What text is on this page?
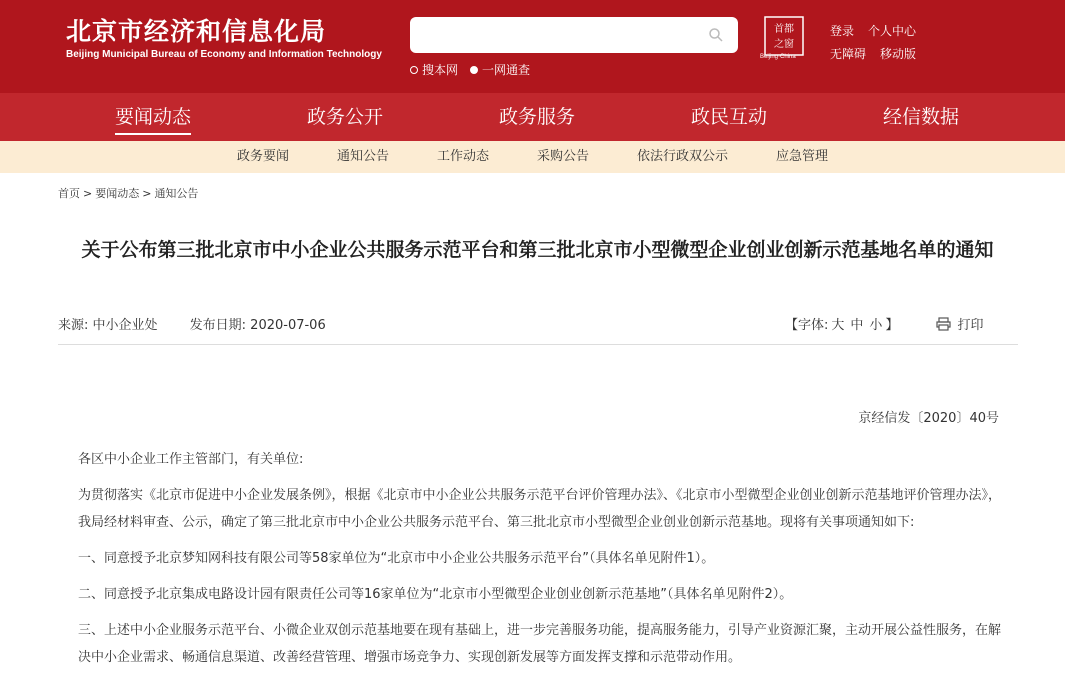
北京市经济和信息化局
Beijing Municipal Bureau of Economy and Information Technology
搜本网 一网通查
首都
之窗
Beijing·China
登录 个人中心
无障碍 移动版
要闻动态	政务公开	政务服务	政民互动	经信数据
政务要闻	通知公告	工作动态	采购公告	依法行政双公示	应急管理
首页 > 要闻动态 > 通知公告
关于公布第三批北京市中小企业公共服务示范平台和第三批北京市小型微型企业创业创新示范基地名单的通知
来源: 中小企业处 发布日期: 2020-07-06	【字体: 大 中 小 】	打印
京经信发〔2020〕40号

各区中小企业工作主管部门，有关单位:

为贯彻落实《北京市促进中小企业发展条例》，根据《北京市中小企业公共服务示范平台评价管理办法》、《北京市小型微型企业创业创新示范基地评价管理办法》，我局经材料审查、公示，确定了第三批北京市中小企业公共服务示范平台、第三批北京市小型微型企业创业创新示范基地。现将有关事项通知如下:

一、同意授予北京梦知网科技有限公司等58家单位为“北京市中小企业公共服务示范平台”（具体名单见附件1）。

二、同意授予北京集成电路设计园有限责任公司等16家单位为“北京市小型微型企业创业创新示范基地”（具体名单见附件2）。

三、上述中小企业服务示范平台、小微企业双创示范基地要在现有基础上，进一步完善服务功能，提高服务能力，引导产业资源汇聚，主动开展公益性服务，在解决中小企业需求、畅通信息渠道、改善经营管理、增强市场竞争力、实现创新发展等方面发挥支撑和示范带动作用。
